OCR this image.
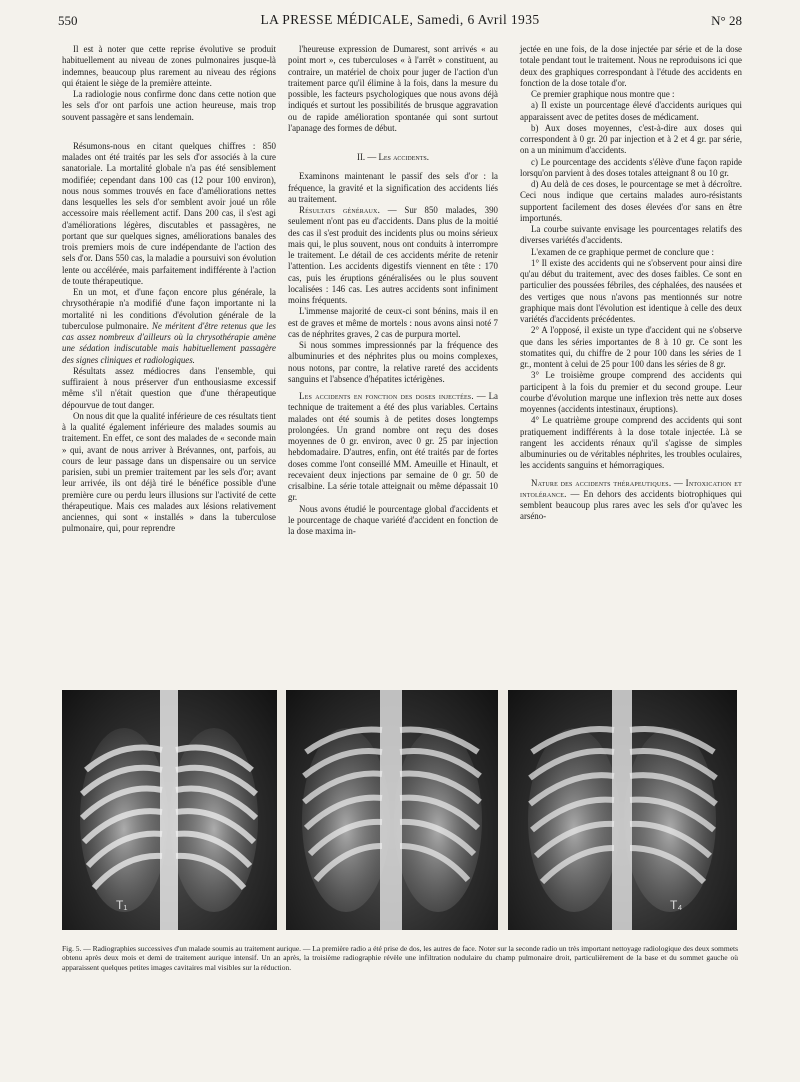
550	LA PRESSE MÉDICALE, Samedi, 6 Avril 1935	N° 28

Il est à noter que cette reprise évolutive se produit habituellement au niveau de zones pulmonaires jusque-là indemnes, beaucoup plus rarement au niveau des régions qui étaient le siège de la première atteinte.

La radiologie nous confirme donc dans cette notion que les sels d'or ont parfois une action heureuse, mais trop souvent passagère et sans lendemain.

Résumons-nous en citant quelques chiffres : 850 malades ont été traités par les sels d'or associés à la cure sanatoriale. La mortalité globale n'a pas été sensiblement modifiée; cependant dans 100 cas (12 pour 100 environ), nous nous sommes trouvés en face d'améliorations nettes dans lesquelles les sels d'or semblent avoir joué un rôle accessoire mais réellement actif. Dans 200 cas, il s'est agi d'améliorations légères, discutables et passagères, ne portant que sur quelques signes, améliorations banales des trois premiers mois de cure indépendante de l'action des sels d'or. Dans 550 cas, la maladie a poursuivi son évolution lente ou accélérée, mais parfaitement indifférente à l'action de toute thérapeutique.

En un mot, et d'une façon encore plus générale, la chrysothérapie n'a modifié d'une façon importante ni la mortalité ni les conditions d'évolution générale de la tuberculose pulmonaire. Ne méritent d'être retenus que les cas assez nombreux d'ailleurs où la chrysothérapie amène une sédation indiscutable mais habituellement passagère des signes cliniques et radiologiques.

Résultats assez médiocres dans l'ensemble, qui suffiraient à nous préserver d'un enthousiasme excessif même s'il n'était question que d'une thérapeutique dépourvue de tout danger.

On nous dit que la qualité inférieure de ces résultats tient à la qualité également inférieure des malades soumis au traitement. En effet, ce sont des malades de « seconde main » qui, avant de nous arriver à Brévannes, ont, parfois, au cours de leur passage dans un dispensaire ou un service parisien, subi un premier traitement par les sels d'or; avant leur arrivée, ils ont déjà tiré le bénéfice possible d'une première cure ou perdu leurs illusions sur l'activité de cette thérapeutique. Mais ces malades aux lésions relativement anciennes, qui sont « installés » dans la tuberculose pulmonaire, qui, pour reprendre

l'heureuse expression de Dumarest, sont arrivés « au point mort », ces tuberculoses « à l'arrêt » constituent, au contraire, un matériel de choix pour juger de l'action d'un traitement parce qu'il élimine à la fois, dans la mesure du possible, les facteurs psychologiques que nous avons déjà indiqués et surtout les possibilités de brusque aggravation ou de rapide amélioration spontanée qui sont surtout l'apanage des formes de début.

II. — Les accidents.

Examinons maintenant le passif des sels d'or : la fréquence, la gravité et la signification des accidents liés au traitement.

Résultats généraux. — Sur 850 malades, 390 seulement n'ont pas eu d'accidents. Dans plus de la moitié des cas il s'est produit des incidents plus ou moins sérieux mais qui, le plus souvent, nous ont conduits à interrompre le traitement. Le détail de ces accidents mérite de retenir l'attention. Les accidents digestifs viennent en tête : 170 cas, puis les éruptions généralisées ou le plus souvent localisées : 146 cas. Les autres accidents sont infiniment moins fréquents.

L'immense majorité de ceux-ci sont bénins, mais il en est de graves et même de mortels : nous avons ainsi noté 7 cas de néphrites graves, 2 cas de purpura mortel.

Si nous sommes impressionnés par la fréquence des albuminuries et des néphrites plus ou moins complexes, nous notons, par contre, la relative rareté des accidents sanguins et l'absence d'hépatites ictérigènes.

Les accidents en fonction des doses injectées. — La technique de traitement a été des plus variables. Certains malades ont été soumis à de petites doses longtemps prolongées. Un grand nombre ont reçu des doses moyennes de 0 gr. environ, avec 0 gr. 25 par injection hebdomadaire. D'autres, enfin, ont été traités par de fortes doses comme l'ont conseillé MM. Ameuille et Hinault, et recevaient deux injections par semaine de 0 gr. 50 de crisalbine. La série totale atteignait ou même dépassait 10 gr.

Nous avons étudié le pourcentage global d'accidents et le pourcentage de chaque variété d'accident en fonction de la dose maxima in-

jectée en une fois, de la dose injectée par série et de la dose totale pendant tout le traitement. Nous ne reproduisons ici que deux des graphiques correspondant à l'étude des accidents en fonction de la dose totale d'or.

Ce premier graphique nous montre que :

a) Il existe un pourcentage élevé d'accidents auriques qui apparaissent avec de petites doses de médicament.

b) Aux doses moyennes, c'est-à-dire aux doses qui correspondent à 0 gr. 20 par injection et à 2 et 4 gr. par série, on a un minimum d'accidents.

c) Le pourcentage des accidents s'élève d'une façon rapide lorsqu'on parvient à des doses totales atteignant 8 ou 10 gr.

d) Au delà de ces doses, le pourcentage se met à décroître. Ceci nous indique que certains malades auro-résistants supportent facilement des doses élevées d'or sans en être importunés.

La courbe suivante envisage les pourcentages relatifs des diverses variétés d'accidents.

L'examen de ce graphique permet de conclure que :

1° Il existe des accidents qui ne s'observent pour ainsi dire qu'au début du traitement, avec des doses faibles. Ce sont en particulier des poussées fébriles, des céphalées, des nausées et des vertiges que nous n'avons pas mentionnés sur notre graphique mais dont l'évolution est identique à celle des deux variétés d'accidents précédentes.

2° A l'opposé, il existe un type d'accident qui ne s'observe que dans les séries importantes de 8 à 10 gr. Ce sont les stomatites qui, du chiffre de 2 pour 100 dans les séries de 1 gr., montent à celui de 25 pour 100 dans les séries de 8 gr.

3° Le troisième groupe comprend des accidents qui participent à la fois du premier et du second groupe. Leur courbe d'évolution marque une inflexion très nette aux doses moyennes (accidents intestinaux, éruptions).

4° Le quatrième groupe comprend des accidents qui sont pratiquement indifférents à la dose totale injectée. Là se rangent les accidents rénaux qu'il s'agisse de simples albuminuries ou de véritables néphrites, les troubles oculaires, les accidents sanguins et hémorragiques.

Nature des accidents thérapeutiques. — Intoxication et intolérance. — En dehors des accidents biotrophiques qui semblent beaucoup plus rares avec les sels d'or qu'avec les arséno-

T₁	T₄
Fig. 5. — Radiographies successives d'un malade soumis au traitement aurique. — La première radio a été prise de dos, les autres de face. Noter sur la seconde radio un très important nettoyage radiologique des deux sommets obtenu après deux mois et demi de traitement aurique intensif. Un an après, la troisième radiographie révèle une infiltration nodulaire du champ pulmonaire droit, particulièrement de la base et du sommet gauche où apparaissent quelques petites images cavitaires mal visibles sur la réduction.
